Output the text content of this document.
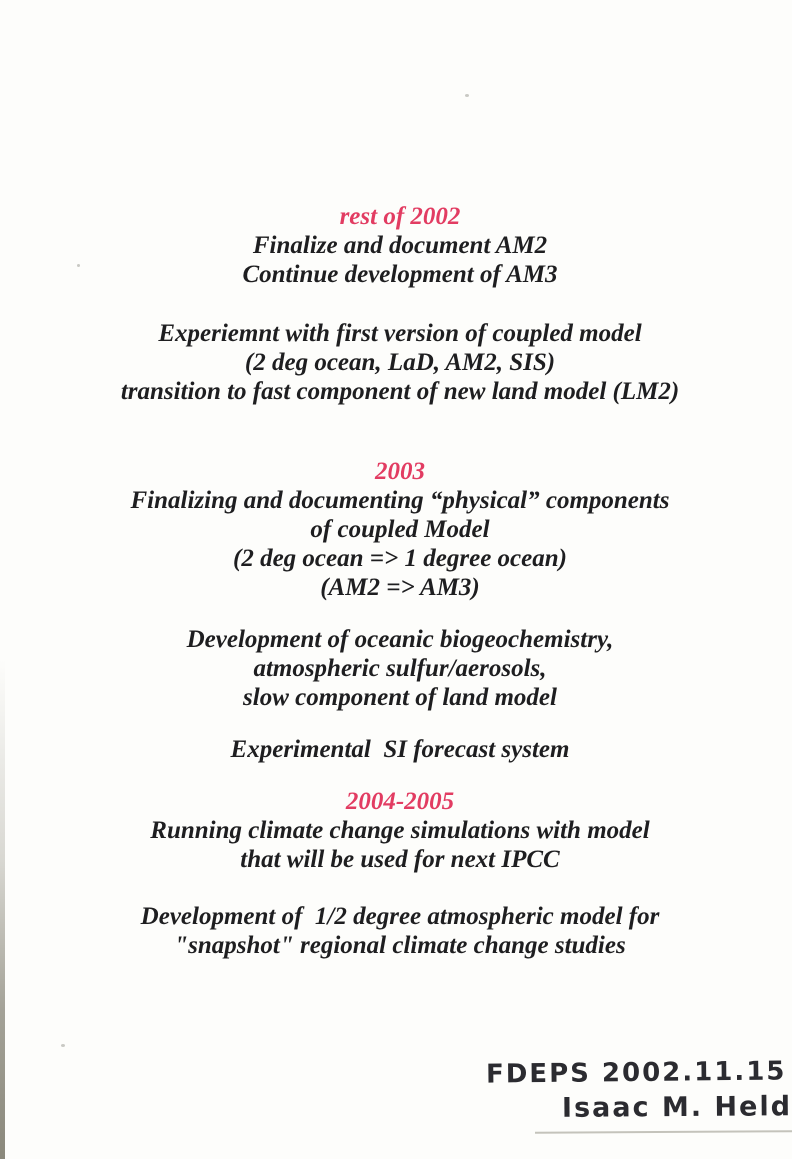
rest of 2002

Finalize and document AM2

Continue development of AM3

Experiemnt with first version of coupled model

(2 deg ocean, LaD, AM2, SIS)

transition to fast component of new land model (LM2)

2003

Finalizing and documenting “physical” components

of coupled Model

(2 deg ocean => 1 degree ocean)

(AM2 => AM3)

Development of oceanic biogeochemistry,

atmospheric sulfur/aerosols,

slow component of land model

Experimental  SI forecast system

2004-2005

Running climate change simulations with model

that will be used for next IPCC

Development of  1/2 degree atmospheric model for

"snapshot" regional climate change studies

FDEPS 2002.11.15
Isaac M. Held
